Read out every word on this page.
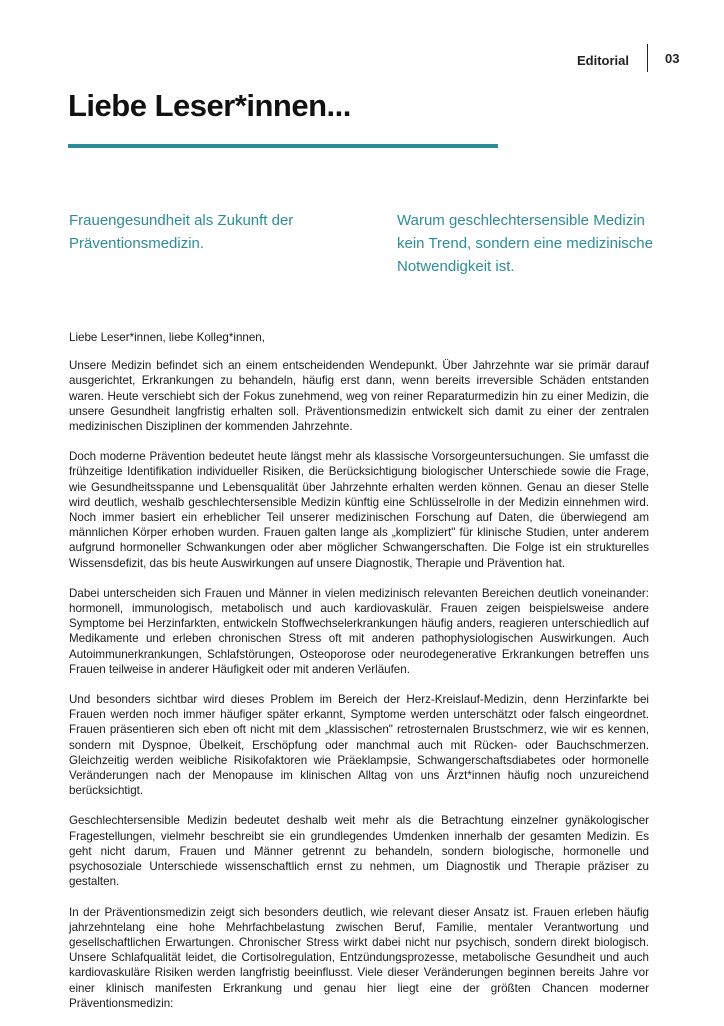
Editorial	03
Liebe Leser*innen...

Frauengesundheit als Zukunft der Präventionsmedizin.

Warum geschlechtersensible Medizin kein Trend, sondern eine medizinische Notwendigkeit ist.

Liebe Leser*innen, liebe Kolleg*innen,

Unsere Medizin befindet sich an einem entscheidenden Wendepunkt. Über Jahrzehnte war sie primär darauf ausgerichtet, Erkrankungen zu behandeln, häufig erst dann, wenn bereits irreversible Schäden entstanden waren. Heute verschiebt sich der Fokus zunehmend, weg von reiner Reparaturmedizin hin zu einer Medizin, die unsere Gesundheit langfristig erhalten soll. Präventionsmedizin entwickelt sich damit zu einer der zentralen medizinischen Disziplinen der kommenden Jahrzehnte.

Doch moderne Prävention bedeutet heute längst mehr als klassische Vorsorgeuntersuchungen. Sie umfasst die frühzeitige Identifikation individueller Risiken, die Berücksichtigung biologischer Unterschiede sowie die Frage, wie Gesundheitsspanne und Lebensqualität über Jahrzehnte erhalten werden können. Genau an dieser Stelle wird deutlich, weshalb geschlechtersensible Medizin künftig eine Schlüsselrolle in der Medizin einnehmen wird. Noch immer basiert ein erheblicher Teil unserer medizinischen Forschung auf Daten, die überwiegend am männlichen Körper erhoben wurden. Frauen galten lange als „kompliziert" für klinische Studien, unter anderem aufgrund hormoneller Schwankungen oder aber möglicher Schwangerschaften. Die Folge ist ein strukturelles Wissensdefizit, das bis heute Auswirkungen auf unsere Diagnostik, Therapie und Prävention hat.

Dabei unterscheiden sich Frauen und Männer in vielen medizinisch relevanten Bereichen deutlich voneinander: hormonell, immunologisch, metabolisch und auch kardiovaskulär. Frauen zeigen beispielsweise andere Symptome bei Herzinfarkten, entwickeln Stoffwechselerkrankungen häufig anders, reagieren unterschiedlich auf Medikamente und erleben chronischen Stress oft mit anderen pathophysiologischen Auswirkungen. Auch Autoimmunerkrankungen, Schlafstörungen, Osteoporose oder neurodegenerative Erkrankungen betreffen uns Frauen teilweise in anderer Häufigkeit oder mit anderen Verläufen.

Und besonders sichtbar wird dieses Problem im Bereich der Herz-Kreislauf-Medizin, denn Herzinfarkte bei Frauen werden noch immer häufiger später erkannt, Symptome werden unterschätzt oder falsch eingeordnet. Frauen präsentieren sich eben oft nicht mit dem „klassischen" retrosternalen Brustschmerz, wie wir es kennen, sondern mit Dyspnoe, Übelkeit, Erschöpfung oder manchmal auch mit Rücken- oder Bauchschmerzen. Gleichzeitig werden weibliche Risikofaktoren wie Präeklampsie, Schwangerschaftsdiabetes oder hormonelle Veränderungen nach der Menopause im klinischen Alltag von uns Ärzt*innen häufig noch unzureichend berücksichtigt.

Geschlechtersensible Medizin bedeutet deshalb weit mehr als die Betrachtung einzelner gynäkologischer Fragestellungen, vielmehr beschreibt sie ein grundlegendes Umdenken innerhalb der gesamten Medizin. Es geht nicht darum, Frauen und Männer getrennt zu behandeln, sondern biologische, hormonelle und psychosoziale Unterschiede wissenschaftlich ernst zu nehmen, um Diagnostik und Therapie präziser zu gestalten.

In der Präventionsmedizin zeigt sich besonders deutlich, wie relevant dieser Ansatz ist. Frauen erleben häufig jahrzehntelang eine hohe Mehrfachbelastung zwischen Beruf, Familie, mentaler Verantwortung und gesellschaftlichen Erwartungen. Chronischer Stress wirkt dabei nicht nur psychisch, sondern direkt biologisch. Unsere Schlafqualität leidet, die Cortisolregulation, Entzündungsprozesse, metabolische Gesundheit und auch kardiovaskuläre Risiken werden langfristig beeinflusst. Viele dieser Veränderungen beginnen bereits Jahre vor einer klinisch manifesten Erkrankung und genau hier liegt eine der größten Chancen moderner Präventionsmedizin:
